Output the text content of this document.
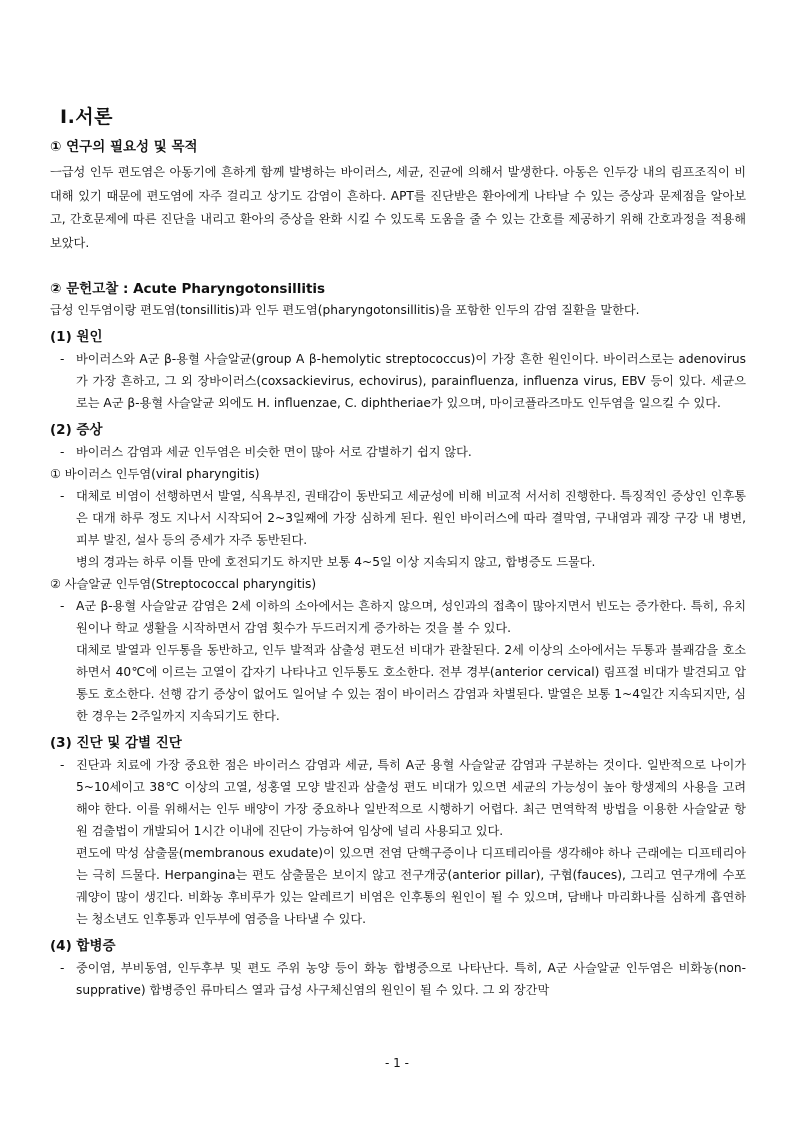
Ⅰ.서론
① 연구의 필요성 및 목적

ㅡ급성 인두 편도염은 아동기에 흔하게 함께 발병하는 바이러스, 세균, 진균에 의해서 발생한다. 아동은 인두강 내의 림프조직이 비대해 있기 때문에 편도염에 자주 걸리고 상기도 감염이 흔하다. APT를 진단받은 환아에게 나타날 수 있는 증상과 문제점을 알아보고, 간호문제에 따른 진단을 내리고 환아의 증상을 완화 시킬 수 있도록 도움을 줄 수 있는 간호를 제공하기 위해 간호과정을 적용해 보았다.

② 문헌고찰 : Acute Pharyngotonsillitis

급성 인두염이랑 편도염(tonsillitis)과 인두 편도염(pharyngotonsillitis)을 포함한 인두의 감염 질환을 말한다.

(1) 원인
- 바이러스와 A군 β-용혈 사슬알균(group A β-hemolytic streptococcus)이 가장 흔한 원인이다. 바이러스로는 adenovirus가 가장 흔하고, 그 외 장바이러스(coxsackievirus, echovirus), parainfluenza, influenza virus, EBV 등이 있다. 세균으로는 A군 β-용혈 사슬알균 외에도 H. influenzae, C. diphtheriae가 있으며, 마이코플라즈마도 인두염을 일으킬 수 있다.
(2) 증상
- 바이러스 감염과 세균 인두염은 비슷한 면이 많아 서로 감별하기 쉽지 않다.

① 바이러스 인두염(viral pharyngitis)

- 대체로 비염이 선행하면서 발열, 식욕부진, 권태감이 동반되고 세균성에 비해 비교적 서서히 진행한다. 특징적인 증상인 인후통은 대개 하루 정도 지나서 시작되어 2~3일째에 가장 심하게 된다. 원인 바이러스에 따라 결막염, 구내염과 궤장 구강 내 병변, 피부 발진, 설사 등의 증세가 자주 동반된다.
병의 경과는 하루 이틀 만에 호전되기도 하지만 보통 4~5일 이상 지속되지 않고, 합병증도 드물다.

② 사슬알균 인두염(Streptococcal pharyngitis)

- A군 β-용혈 사슬알균 감염은 2세 이하의 소아에서는 흔하지 않으며, 성인과의 접촉이 많아지면서 빈도는 증가한다. 특히, 유치원이나 학교 생활을 시작하면서 감염 횟수가 두드러지게 증가하는 것을 볼 수 있다.
대체로 발열과 인두통을 동반하고, 인두 발적과 삼출성 편도선 비대가 관찰된다. 2세 이상의 소아에서는 두통과 불쾌감을 호소하면서 40℃에 이르는 고열이 갑자기 나타나고 인두통도 호소한다. 전부 경부(anterior cervical) 림프절 비대가 발견되고 압통도 호소한다. 선행 감기 증상이 없어도 일어날 수 있는 점이 바이러스 감염과 차별된다. 발열은 보통 1~4일간 지속되지만, 심한 경우는 2주일까지 지속되기도 한다.
(3) 진단 및 감별 진단
- 진단과 치료에 가장 중요한 점은 바이러스 감염과 세균, 특히 A군 용혈 사슬알균 감염과 구분하는 것이다. 일반적으로 나이가 5~10세이고 38℃ 이상의 고열, 성홍열 모양 발진과 삼출성 편도 비대가 있으면 세균의 가능성이 높아 항생제의 사용을 고려해야 한다. 이를 위해서는 인두 배양이 가장 중요하나 일반적으로 시행하기 어렵다. 최근 면역학적 방법을 이용한 사슬알균 항원 검출법이 개발되어 1시간 이내에 진단이 가능하여 임상에 널리 사용되고 있다.
편도에 막성 삼출물(membranous exudate)이 있으면 전염 단핵구증이나 디프테리아를 생각해야 하나 근래에는 디프테리아는 극히 드물다. Herpangina는 편도 삼출물은 보이지 않고 전구개궁(anterior pillar), 구협(fauces), 그리고 연구개에 수포 궤양이 많이 생긴다. 비화농 후비루가 있는 알레르기 비염은 인후통의 원인이 될 수 있으며, 담배나 마리화나를 심하게 흡연하는 청소년도 인후통과 인두부에 염증을 나타낼 수 있다.
(4) 합병증
- 중이염, 부비동염, 인두후부 및 편도 주위 농양 등이 화농 합병증으로 나타난다. 특히, A군 사슬알균 인두염은 비화농(non-supprative) 합병증인 류마티스 열과 급성 사구체신염의 원인이 될 수 있다. 그 외 장간막
- 1 -
